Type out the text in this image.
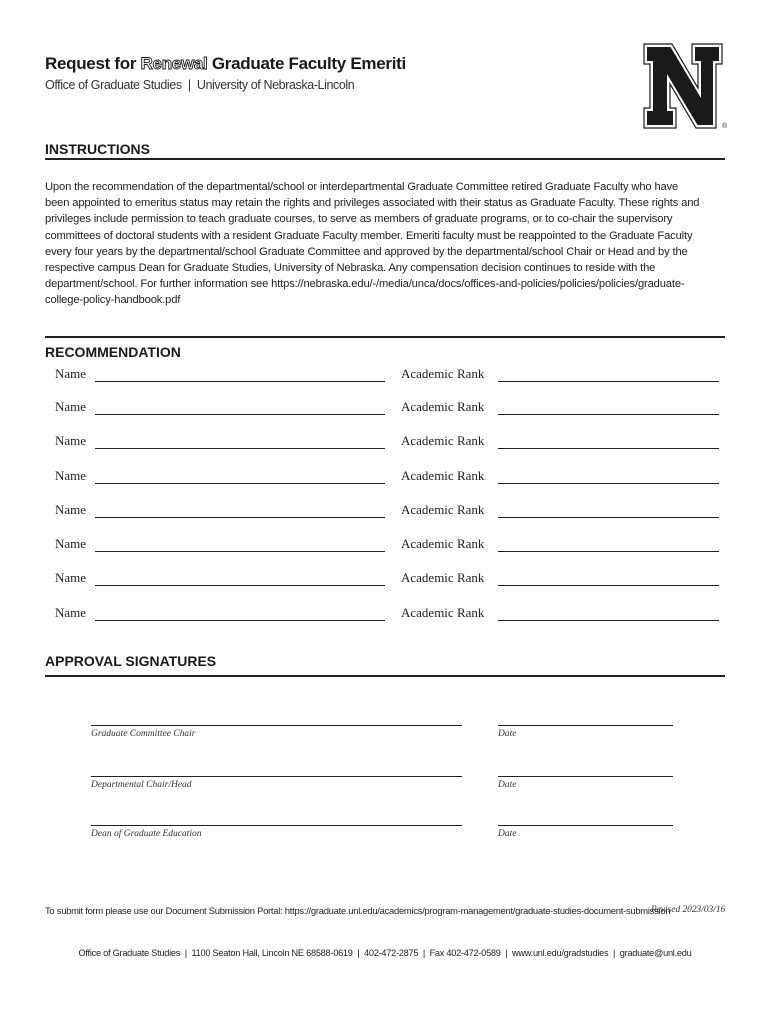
Request for Renewal Graduate Faculty Emeriti
Office of Graduate Studies  |  University of Nebraska-Lincoln
®
INSTRUCTIONS
Upon the recommendation of the departmental/school or interdepartmental Graduate Committee retired Graduate Faculty who have been appointed to emeritus status may retain the rights and privileges associated with their status as Graduate Faculty. These rights and privileges include permission to teach graduate courses, to serve as members of graduate programs, or to co-chair the supervisory committees of doctoral students with a resident Graduate Faculty member. Emeriti faculty must be reappointed to the Graduate Faculty every four years by the departmental/school Graduate Committee and approved by the departmental/school Chair or Head and by the respective campus Dean for Graduate Studies, University of Nebraska. Any compensation decision continues to reside with the department/school. For further information see https://nebraska.edu/-/media/unca/docs/offices-and-policies/policies/policies/graduate-college-policy-handbook.pdf
RECOMMENDATION
Name	Academic Rank
Name	Academic Rank
Name	Academic Rank
Name	Academic Rank
Name	Academic Rank
Name	Academic Rank
Name	Academic Rank
Name	Academic Rank
APPROVAL SIGNATURES
Graduate Committee Chair	Date
Departmental Chair/Head	Date
Dean of Graduate Education	Date
To submit form please use our Document Submission Portal: https://graduate.unl.edu/academics/program-management/graduate-studies-document-submission
Revised 2023/03/16
Office of Graduate Studies  |  1100 Seaton Hall, Lincoln NE 68588-0619  |  402-472-2875  |  Fax 402-472-0589  |  www.unl.edu/gradstudies  |  graduate@unl.edu
